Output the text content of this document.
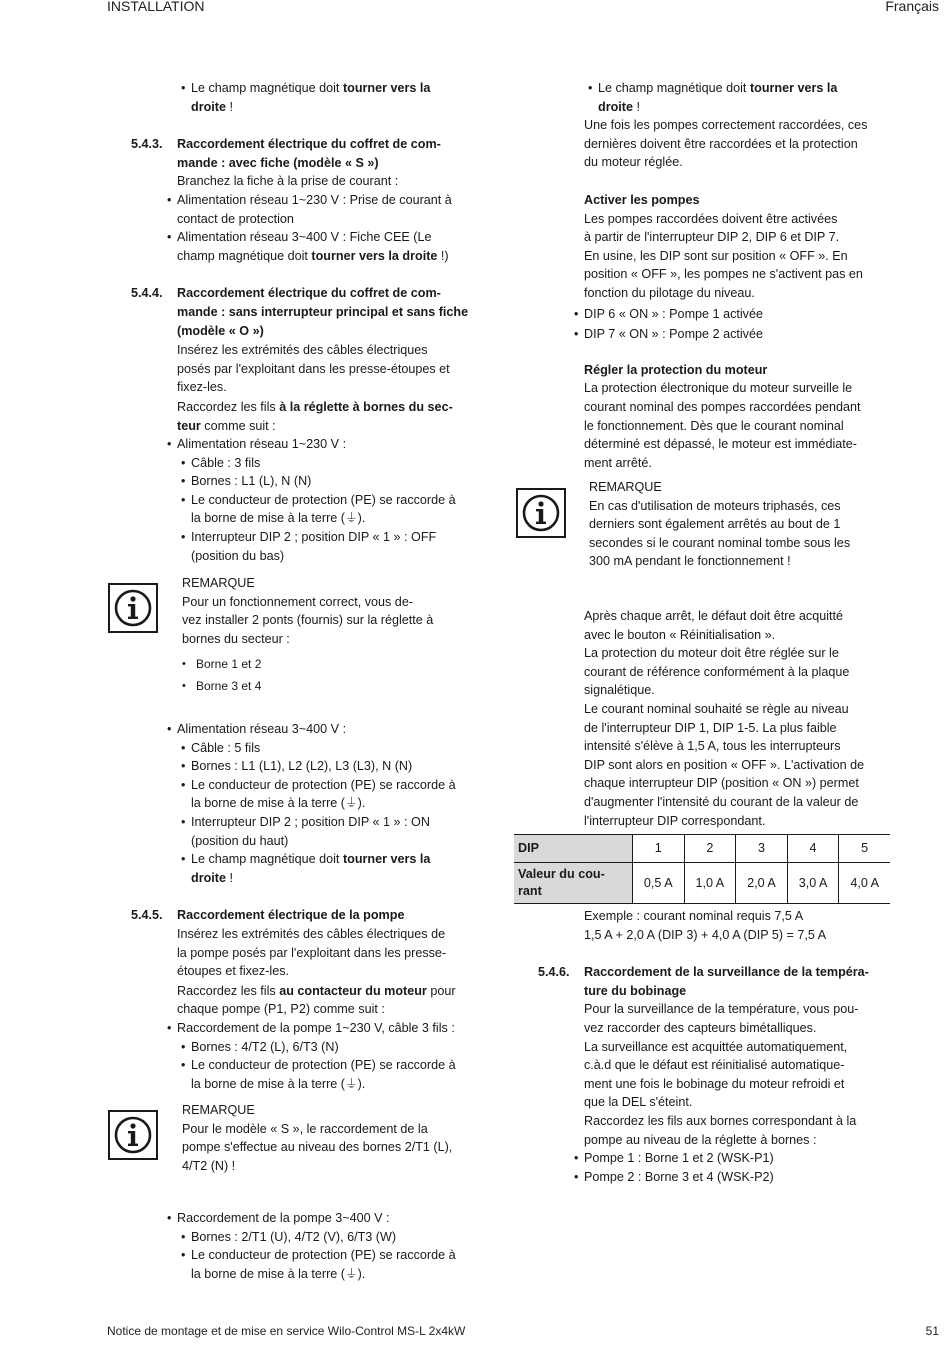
INSTALLATION	Français
• Le champ magnétique doit tourner vers la
droite !
5.4.3. Raccordement électrique du coffret de com-
mande : avec fiche (modèle « S »)
Branchez la fiche à la prise de courant :
• Alimentation réseau 1~230 V : Prise de courant à
contact de protection
• Alimentation réseau 3~400 V : Fiche CEE (Le
champ magnétique doit tourner vers la droite !)
5.4.4. Raccordement électrique du coffret de com-
mande : sans interrupteur principal et sans fiche
(modèle « O »)
Insérez les extrémités des câbles électriques
posés par l'exploitant dans les presse-étoupes et
fixez-les.
Raccordez les fils à la réglette à bornes du sec-
teur comme suit :
• Alimentation réseau 1~230 V :
• Câble : 3 fils
• Bornes : L1 (L), N (N)
• Le conducteur de protection (PE) se raccorde à
la borne de mise à la terre (⏚).
• Interrupteur DIP 2 ; position DIP « 1 » : OFF
(position du bas)
REMARQUE
Pour un fonctionnement correct, vous de-
vez installer 2 ponts (fournis) sur la réglette à
bornes du secteur :
• Borne 1 et 2
• Borne 3 et 4
• Alimentation réseau 3~400 V :
• Câble : 5 fils
• Bornes : L1 (L1), L2 (L2), L3 (L3), N (N)
• Le conducteur de protection (PE) se raccorde à
la borne de mise à la terre (⏚).
• Interrupteur DIP 2 ; position DIP « 1 » : ON
(position du haut)
• Le champ magnétique doit tourner vers la
droite !
5.4.5. Raccordement électrique de la pompe
Insérez les extrémités des câbles électriques de
la pompe posés par l'exploitant dans les presse-
étoupes et fixez-les.
Raccordez les fils au contacteur du moteur pour
chaque pompe (P1, P2) comme suit :
• Raccordement de la pompe 1~230 V, câble 3 fils :
• Bornes : 4/T2 (L), 6/T3 (N)
• Le conducteur de protection (PE) se raccorde à
la borne de mise à la terre (⏚).
REMARQUE
Pour le modèle « S », le raccordement de la
pompe s'effectue au niveau des bornes 2/T1 (L),
4/T2 (N) !
• Raccordement de la pompe 3~400 V :
• Bornes : 2/T1 (U), 4/T2 (V), 6/T3 (W)
• Le conducteur de protection (PE) se raccorde à
la borne de mise à la terre (⏚).
• Le champ magnétique doit tourner vers la
droite !
Une fois les pompes correctement raccordées, ces
dernières doivent être raccordées et la protection
du moteur réglée.
Activer les pompes
Les pompes raccordées doivent être activées
à partir de l'interrupteur DIP 2, DIP 6 et DIP 7.
En usine, les DIP sont sur position « OFF ». En
position « OFF », les pompes ne s'activent pas en
fonction du pilotage du niveau.
• DIP 6 « ON » : Pompe 1 activée
• DIP 7 « ON » : Pompe 2 activée
Régler la protection du moteur
La protection électronique du moteur surveille le
courant nominal des pompes raccordées pendant
le fonctionnement. Dès que le courant nominal
déterminé est dépassé, le moteur est immédiate-
ment arrêté.
REMARQUE
En cas d'utilisation de moteurs triphasés, ces
derniers sont également arrêtés au bout de 1
secondes si le courant nominal tombe sous les
300 mA pendant le fonctionnement !
Après chaque arrêt, le défaut doit être acquitté
avec le bouton « Réinitialisation ».
La protection du moteur doit être réglée sur le
courant de référence conformément à la plaque
signalétique.
Le courant nominal souhaité se règle au niveau
de l'interrupteur DIP 1, DIP 1-5. La plus faible
intensité s'élève à 1,5 A, tous les interrupteurs
DIP sont alors en position « OFF ». L'activation de
chaque interrupteur DIP (position « ON ») permet
d'augmenter l'intensité du courant de la valeur de
l'interrupteur DIP correspondant.
DIP	1	2	3	4	5

Valeur du cou-
rant	0,5 A	1,0 A	2,0 A	3,0 A	4,0 A
Exemple : courant nominal requis 7,5 A
1,5 A + 2,0 A (DIP 3) + 4,0 A (DIP 5) = 7,5 A
5.4.6. Raccordement de la surveillance de la tempéra-
ture du bobinage
Pour la surveillance de la température, vous pou-
vez raccorder des capteurs bimétalliques.
La surveillance est acquittée automatiquement,
c.à.d que le défaut est réinitialisé automatique-
ment une fois le bobinage du moteur refroidi et
que la DEL s'éteint.
Raccordez les fils aux bornes correspondant à la
pompe au niveau de la réglette à bornes :
• Pompe 1 : Borne 1 et 2 (WSK-P1)
• Pompe 2 : Borne 3 et 4 (WSK-P2)
Notice de montage et de mise en service Wilo-Control MS-L 2x4kW	51
